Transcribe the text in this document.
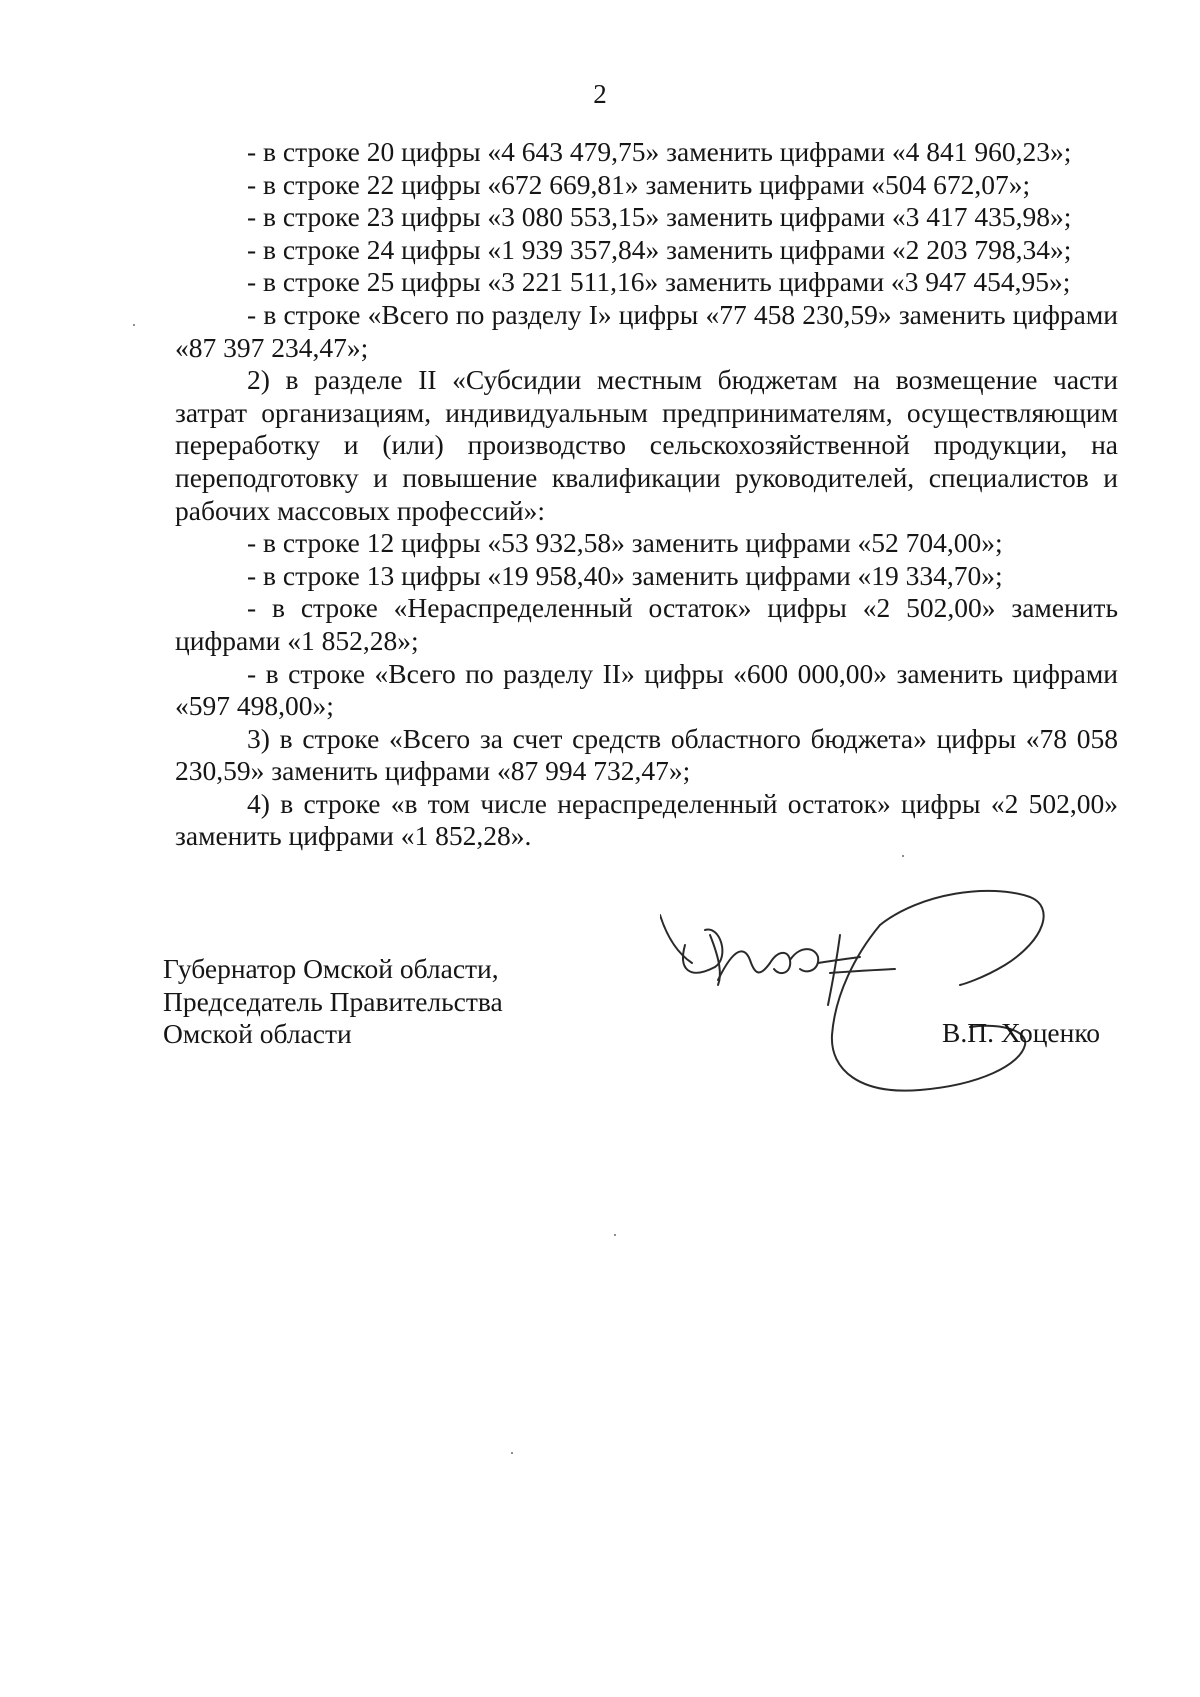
2

- в строке 20 цифры «4 643 479,75» заменить цифрами «4 841 960,23»;

- в строке 22 цифры «672 669,81» заменить цифрами «504 672,07»;

- в строке 23 цифры «3 080 553,15» заменить цифрами «3 417 435,98»;

- в строке 24 цифры «1 939 357,84» заменить цифрами «2 203 798,34»;

- в строке 25 цифры «3 221 511,16» заменить цифрами «3 947 454,95»;

- в строке «Всего по разделу I» цифры «77 458 230,59» заменить цифрами «87 397 234,47»;

2) в разделе II «Субсидии местным бюджетам на возмещение части затрат организациям, индивидуальным предпринимателям, осуществляющим переработку и (или) производство сельскохозяйственной продукции, на переподготовку и повышение квалификации руководителей, специалистов и рабочих массовых профессий»:

- в строке 12 цифры «53 932,58» заменить цифрами «52 704,00»;

- в строке 13 цифры «19 958,40» заменить цифрами «19 334,70»;

- в строке «Нераспределенный остаток» цифры «2 502,00» заменить цифрами «1 852,28»;

- в строке «Всего по разделу II» цифры «600 000,00» заменить цифрами «597 498,00»;

3) в строке «Всего за счет средств областного бюджета» цифры «78 058 230,59» заменить цифрами «87 994 732,47»;

4) в строке «в том числе нераспределенный остаток» цифры «2 502,00» заменить цифрами «1 852,28».

Губернатор Омской области,
Председатель Правительства
Омской области	В.П. Хоценко
